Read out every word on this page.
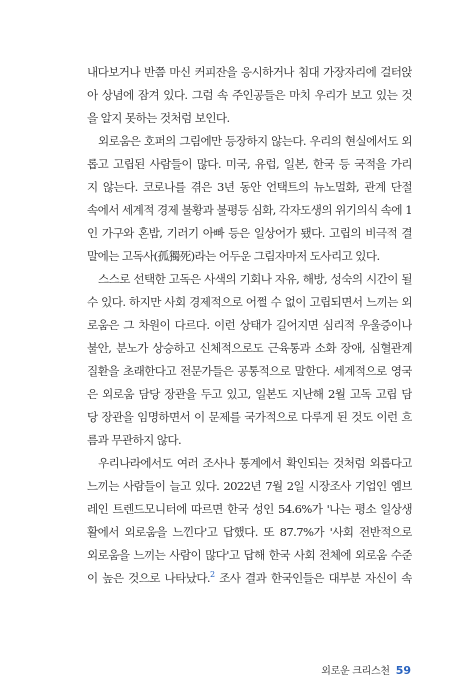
내다보거나 반쯤 마신 커피잔을 응시하거나 침대 가장자리에 걸터앉
아 상념에 잠겨 있다. 그럼 속 주인공들은 마치 우리가 보고 있는 것
을 알지 못하는 것처럼 보인다.

외로움은 호퍼의 그림에만 등장하지 않는다. 우리의 현실에서도 외
롭고 고립된 사람들이 많다. 미국, 유럽, 일본, 한국 등 국적을 가리
지 않는다. 코로나를 겪은 3년 동안 언택트의 뉴노멀화, 관계 단절
속에서 세계적 경제 불황과 불평등 심화, 각자도생의 위기의식 속에 1
인 가구와 혼밥, 기러기 아빠 등은 일상어가 됐다. 고립의 비극적 결
말에는 고독사(孤獨死)라는 어두운 그림자마저 도사리고 있다.

스스로 선택한 고독은 사색의 기회나 자유, 해방, 성숙의 시간이 될
수 있다. 하지만 사회 경제적으로 어쩔 수 없이 고립되면서 느끼는 외
로움은 그 차원이 다르다. 이런 상태가 길어지면 심리적 우울증이나
불안, 분노가 상승하고 신체적으로도 근육통과 소화 장애, 심혈관계
질환을 초래한다고 전문가들은 공통적으로 말한다. 세계적으로 영국
은 외로움 담당 장관을 두고 있고, 일본도 지난해 2월 고독 고립 담
당 장관을 임명하면서 이 문제를 국가적으로 다루게 된 것도 이런 흐
름과 무관하지 않다.

우리나라에서도 여러 조사나 통계에서 확인되는 것처럼 외롭다고
느끼는 사람들이 늘고 있다. 2022년 7월 2일 시장조사 기업인 엠브
레인 트렌드모니터에 따르면 한국 성인 54.6%가 '나는 평소 일상생
활에서 외로움을 느낀다'고 답했다. 또 87.7%가 '사회 전반적으로
외로움을 느끼는 사람이 많다'고 답해 한국 사회 전체에 외로움 수준
이 높은 것으로 나타났다.$^2$ 조사 결과 한국인들은 대부분 자신이 속

외로운 크리스천 59
